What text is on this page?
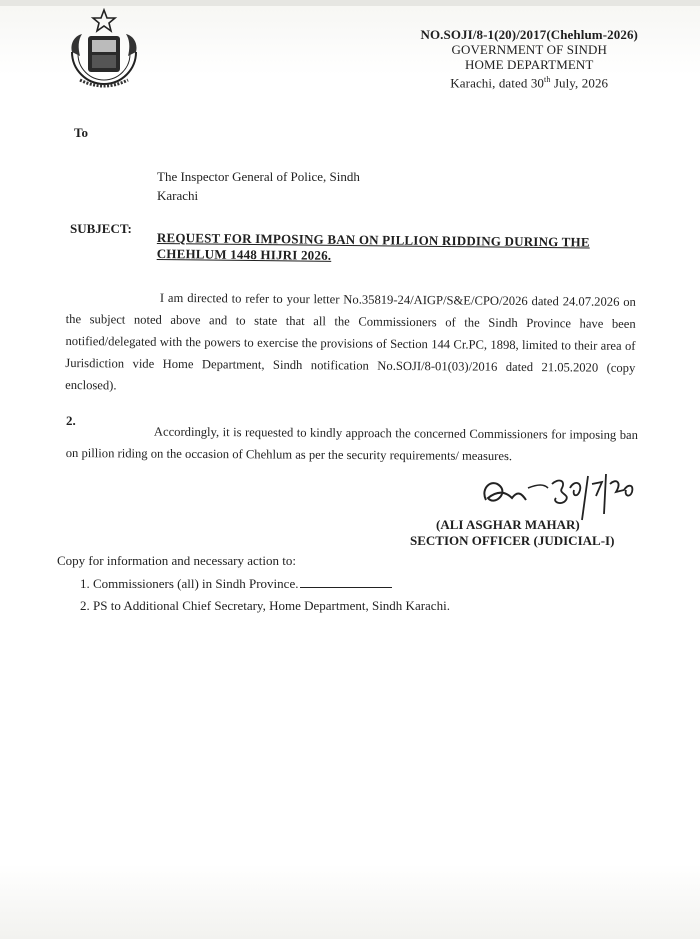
NO.SOJI/8-1(20)/2017(Chehlum-2026)
GOVERNMENT OF SINDH
HOME DEPARTMENT
Karachi, dated 30th July, 2026
To
The Inspector General of Police, Sindh
Karachi
SUBJECT:
REQUEST FOR IMPOSING BAN ON PILLION RIDDING DURING THE CHEHLUM 1448 HIJRI 2026.
I am directed to refer to your letter No.35819-24/AIGP/S&E/CPO/2026 dated 24.07.2026 on the subject noted above and to state that all the Commissioners of the Sindh Province have been notified/delegated with the powers to exercise the provisions of Section 144 Cr.PC, 1898, limited to their area of Jurisdiction vide Home Department, Sindh notification No.SOJI/8-01(03)/2016 dated 21.05.2020 (copy enclosed).
2.
Accordingly, it is requested to kindly approach the concerned Commissioners for imposing ban on pillion riding on the occasion of Chehlum as per the security requirements/ measures.
(ALI ASGHAR MAHAR)
SECTION OFFICER (JUDICIAL-I)
Copy for information and necessary action to:
1. Commissioners (all) in Sindh Province.
2. PS to Additional Chief Secretary, Home Department, Sindh Karachi.
